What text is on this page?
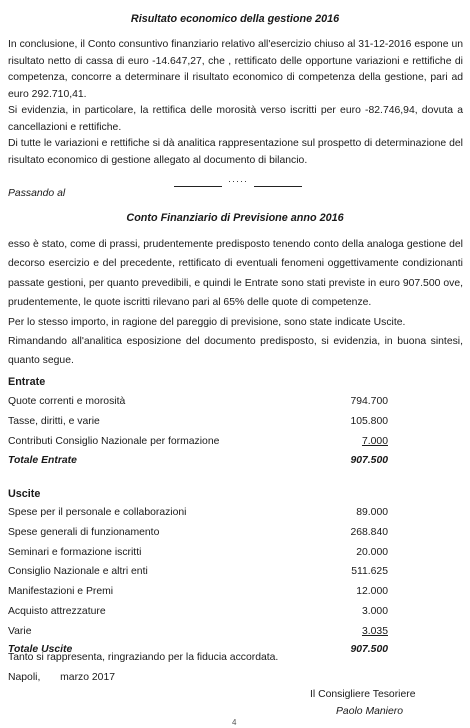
Risultato economico della gestione 2016

In conclusione, il Conto consuntivo finanziario relativo all'esercizio chiuso al 31-12-2016 espone un risultato netto di cassa di euro -14.647,27, che , rettificato delle opportune variazioni e rettifiche di competenza, concorre a determinare il risultato economico di competenza della gestione, pari ad euro 292.710,41.

Si evidenzia, in particolare, la rettifica delle morosità verso iscritti per euro -82.746,94, dovuta a cancellazioni e rettifiche.

Di tutte le variazioni e rettifiche si dà analitica rappresentazione sul prospetto di determinazione del risultato economico di gestione allegato al documento di bilancio.

·····
Passando al
Conto Finanziario di Previsione anno 2016

esso è stato, come di prassi, prudentemente predisposto tenendo conto della analoga gestione del decorso esercizio e del precedente, rettificato di eventuali fenomeni oggettivamente condizionanti passate gestioni, per quanto prevedibili, e quindi le Entrate sono stati previste in euro 907.500 ove, prudentemente, le quote iscritti rilevano pari al 65% delle quote di competenze.

Per lo stesso importo, in ragione del pareggio di previsione, sono state indicate Uscite.

Rimandando all'analitica esposizione del documento predisposto, si evidenzia, in buona sintesi, quanto segue.

Entrate
Quote correnti e morosità	794.700
Tasse, diritti, e varie	105.800
Contributi Consiglio Nazionale per formazione	7.000
Totale Entrate	907.500
Uscite
Spese per il personale e collaborazioni	89.000
Spese generali di funzionamento	268.840
Seminari e formazione iscritti	20.000
Consiglio Nazionale e altri enti	511.625
Manifestazioni e Premi	12.000
Acquisto attrezzature	3.000
Varie	3.035
Totale Uscite	907.500
Tanto si rappresenta, ringraziando per la fiducia accordata.
Napoli, marzo 2017
Il Consigliere Tesoriere
Paolo Maniero
4
